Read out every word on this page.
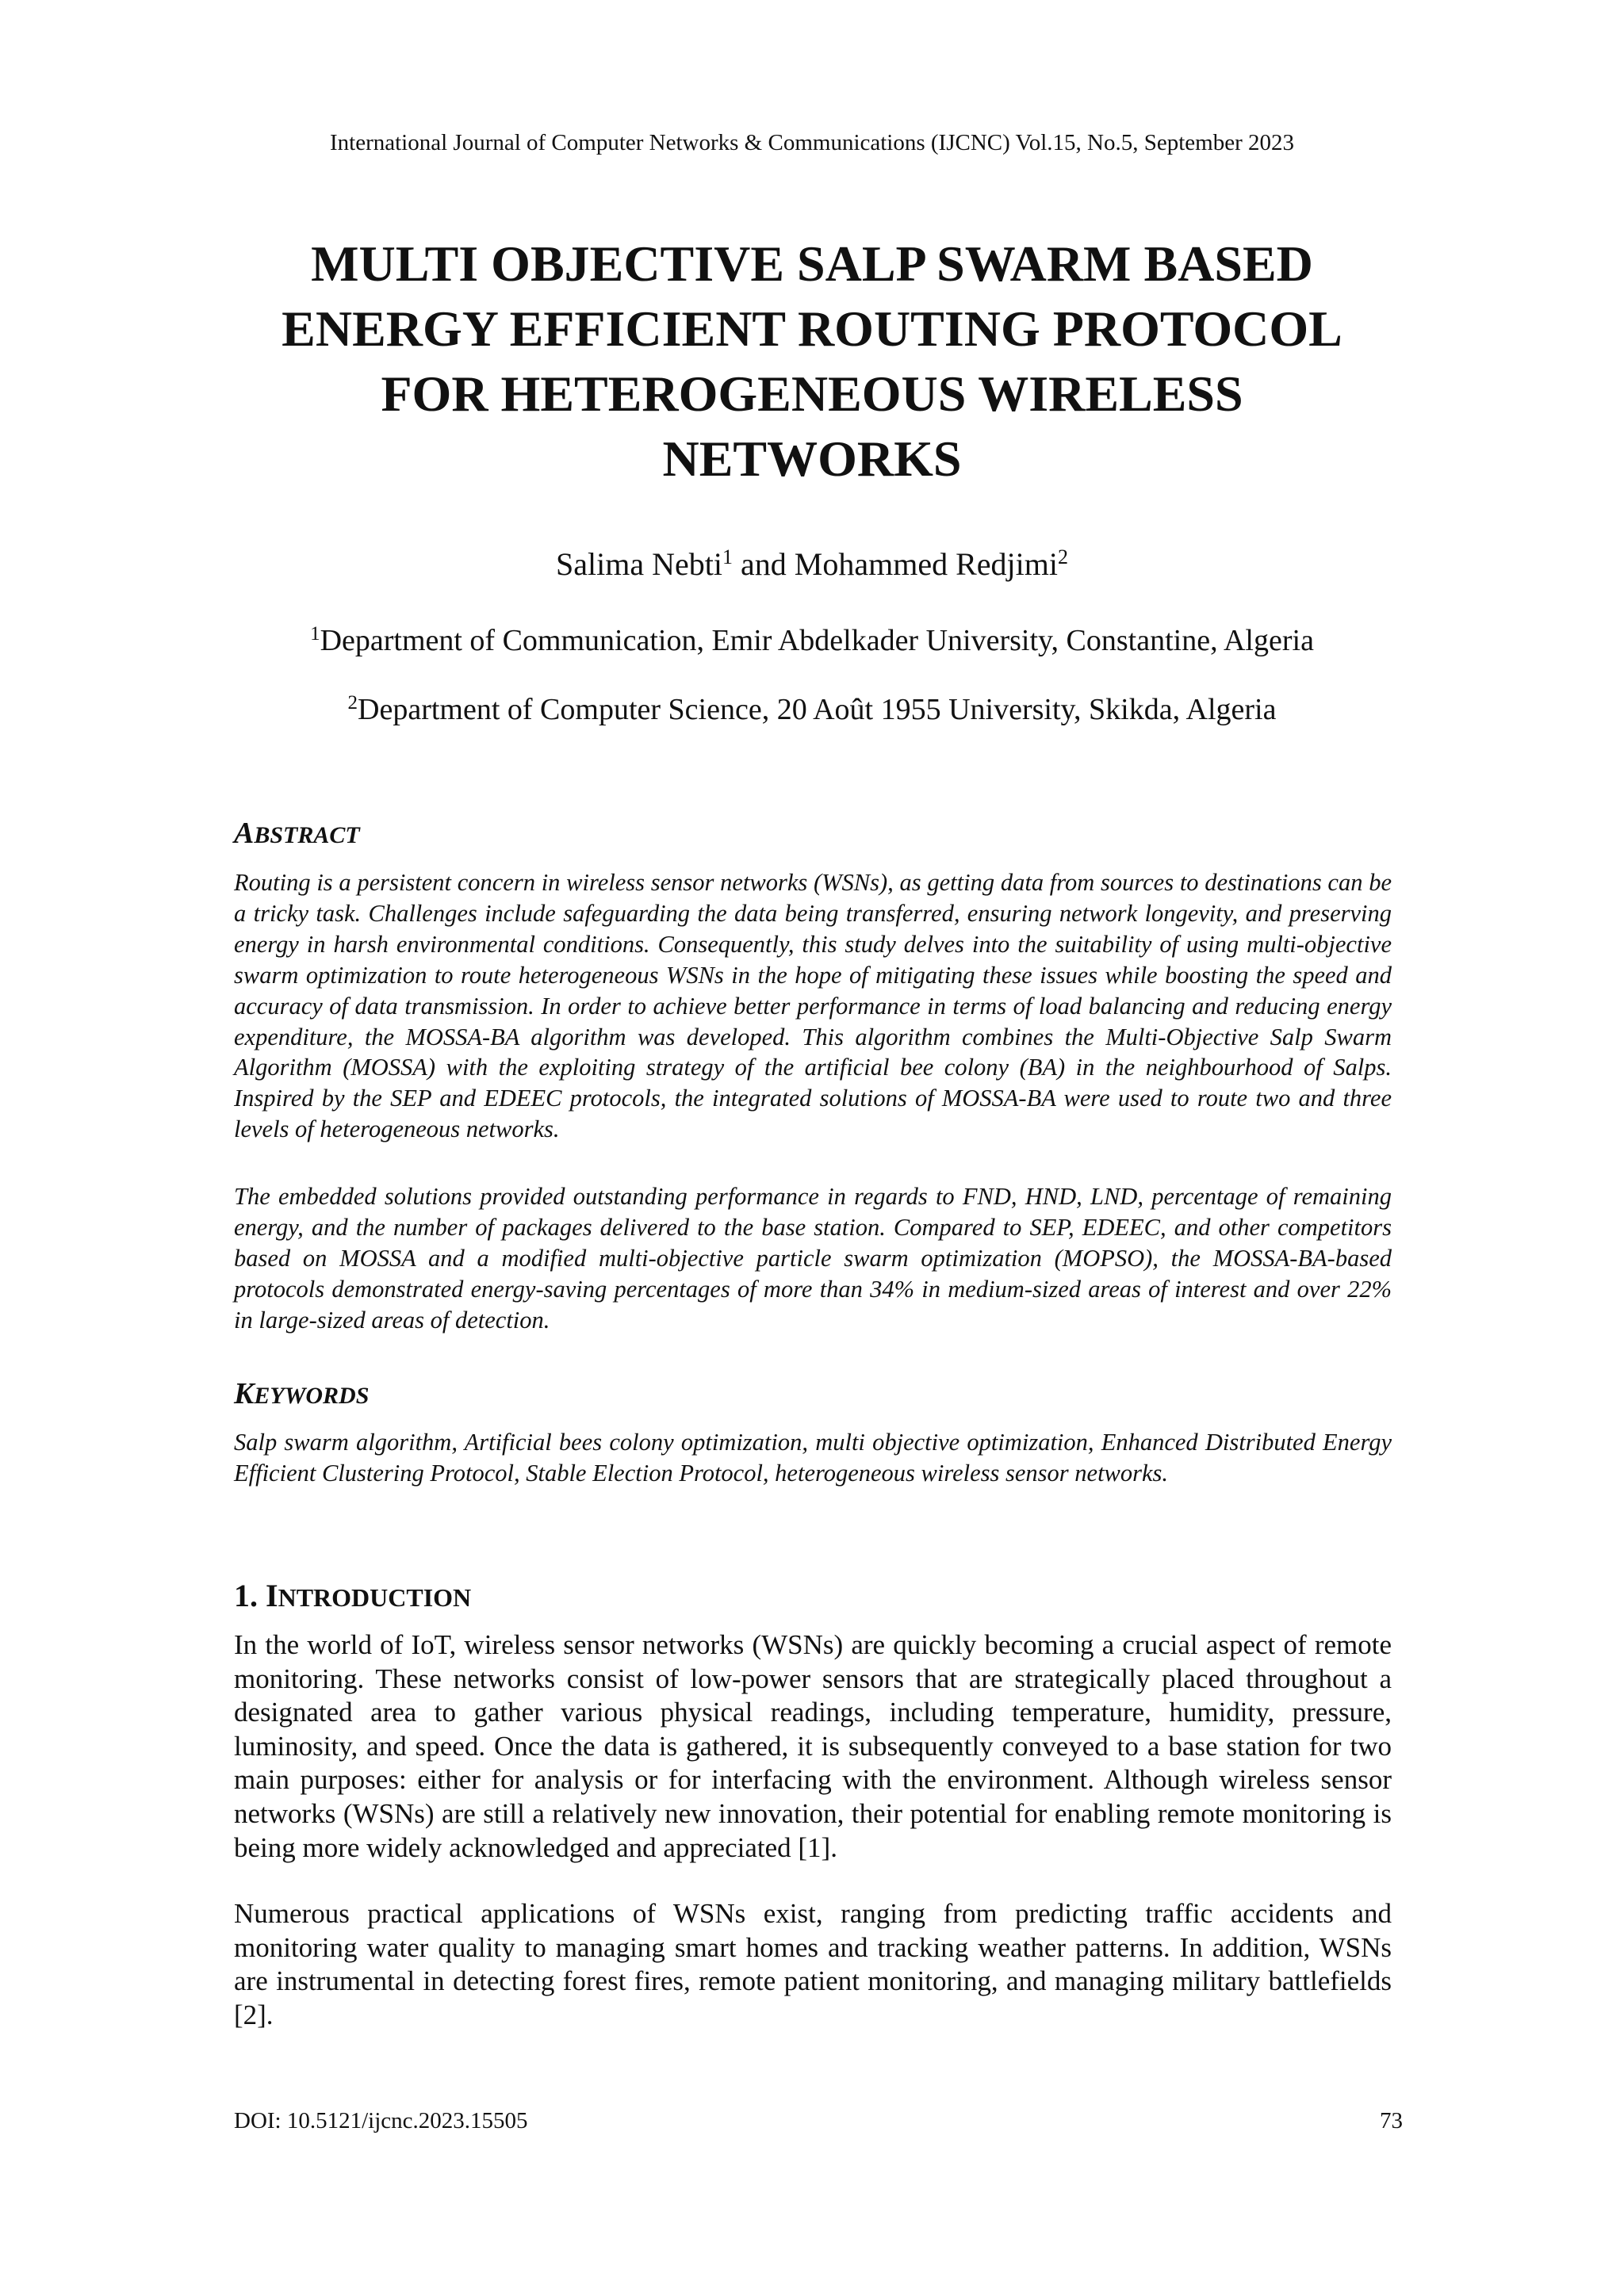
International Journal of Computer Networks & Communications (IJCNC) Vol.15, No.5, September 2023
MULTI OBJECTIVE SALP SWARM BASED
ENERGY EFFICIENT ROUTING PROTOCOL
FOR HETEROGENEOUS WIRELESS
NETWORKS
Salima Nebti$^1$ and Mohammed Redjimi$^2$
$^1$Department of Communication, Emir Abdelkader University, Constantine, Algeria
$^2$Department of Computer Science, 20 Août 1955 University, Skikda, Algeria
ABSTRACT

Routing is a persistent concern in wireless sensor networks (WSNs), as getting data from sources to destinations can be a tricky task. Challenges include safeguarding the data being transferred, ensuring network longevity, and preserving energy in harsh environmental conditions. Consequently, this study delves into the suitability of using multi-objective swarm optimization to route heterogeneous WSNs in the hope of mitigating these issues while boosting the speed and accuracy of data transmission. In order to achieve better performance in terms of load balancing and reducing energy expenditure, the MOSSA-BA algorithm was developed. This algorithm combines the Multi-Objective Salp Swarm Algorithm (MOSSA) with the exploiting strategy of the artificial bee colony (BA) in the neighbourhood of Salps. Inspired by the SEP and EDEEC protocols, the integrated solutions of MOSSA-BA were used to route two and three levels of heterogeneous networks.

The embedded solutions provided outstanding performance in regards to FND, HND, LND, percentage of remaining energy, and the number of packages delivered to the base station. Compared to SEP, EDEEC, and other competitors based on MOSSA and a modified multi-objective particle swarm optimization (MOPSO), the MOSSA-BA-based protocols demonstrated energy-saving percentages of more than 34% in medium-sized areas of interest and over 22% in large-sized areas of detection.

KEYWORDS

Salp swarm algorithm, Artificial bees colony optimization, multi objective optimization, Enhanced Distributed Energy Efficient Clustering Protocol, Stable Election Protocol, heterogeneous wireless sensor networks.

1. INTRODUCTION

In the world of IoT, wireless sensor networks (WSNs) are quickly becoming a crucial aspect of remote monitoring. These networks consist of low-power sensors that are strategically placed throughout a designated area to gather various physical readings, including temperature, humidity, pressure, luminosity, and speed. Once the data is gathered, it is subsequently conveyed to a base station for two main purposes: either for analysis or for interfacing with the environment. Although wireless sensor networks (WSNs) are still a relatively new innovation, their potential for enabling remote monitoring is being more widely acknowledged and appreciated [1].

Numerous practical applications of WSNs exist, ranging from predicting traffic accidents and monitoring water quality to managing smart homes and tracking weather patterns. In addition, WSNs are instrumental in detecting forest fires, remote patient monitoring, and managing military battlefields [2].

DOI: 10.5121/ijcnc.2023.15505	73
